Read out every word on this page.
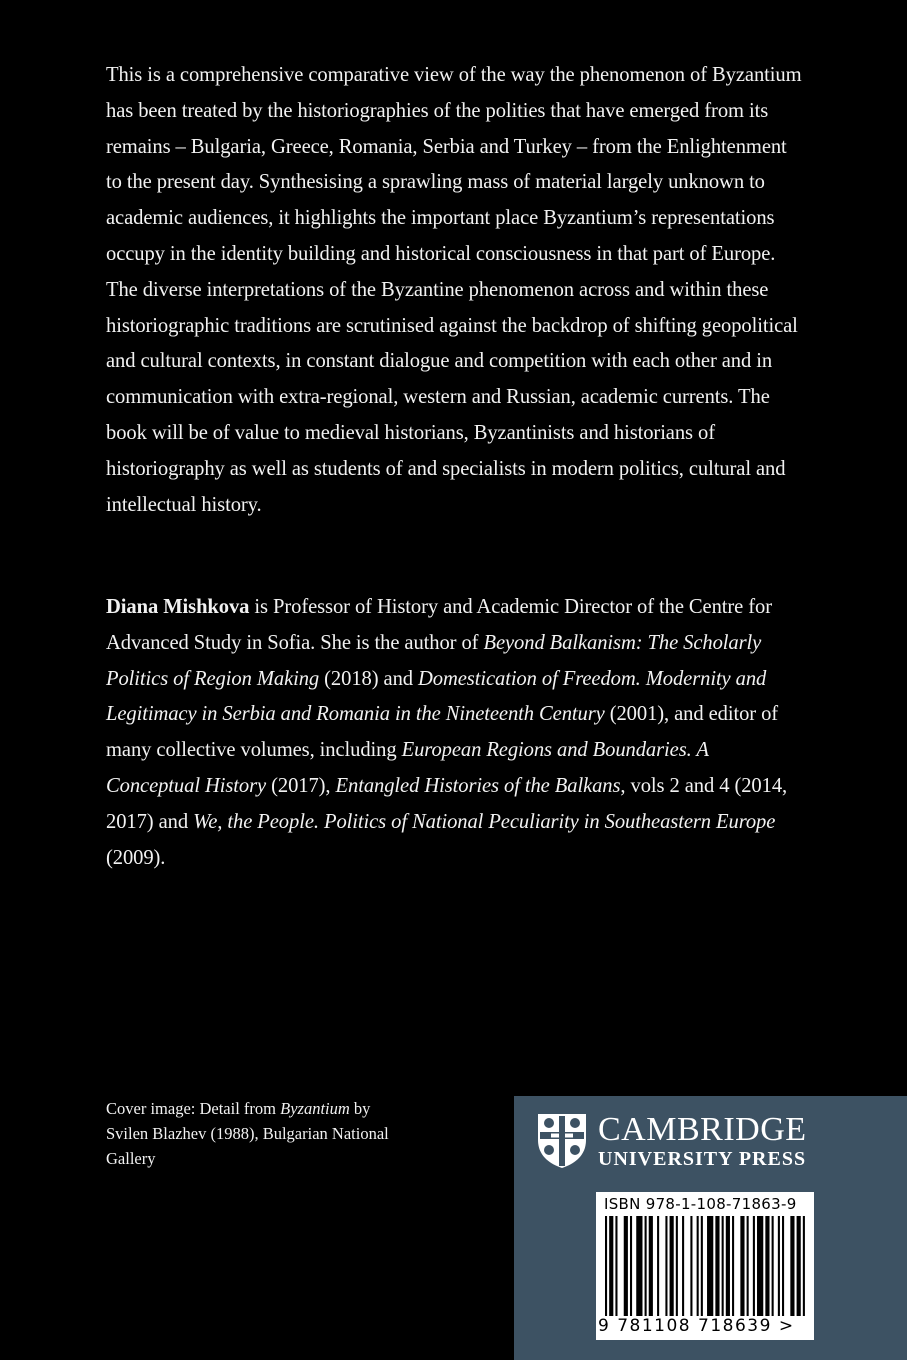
This is a comprehensive comparative view of the way the phenomenon of Byzantium has been treated by the historiographies of the polities that have emerged from its remains – Bulgaria, Greece, Romania, Serbia and Turkey – from the Enlightenment to the present day. Synthesising a sprawling mass of material largely unknown to academic audiences, it highlights the important place Byzantium’s representations occupy in the identity building and historical consciousness in that part of Europe. The diverse interpretations of the Byzantine phenomenon across and within these historiographic traditions are scrutinised against the backdrop of shifting geopolitical and cultural contexts, in constant dialogue and competition with each other and in communication with extra-regional, western and Russian, academic currents. The book will be of value to medieval historians, Byzantinists and historians of historiography as well as students of and specialists in modern politics, cultural and intellectual history.

Diana Mishkova is Professor of History and Academic Director of the Centre for Advanced Study in Sofia. She is the author of Beyond Balkanism: The Scholarly Politics of Region Making (2018) and Domestication of Freedom. Modernity and Legitimacy in Serbia and Romania in the Nineteenth Century (2001), and editor of many collective volumes, including European Regions and Boundaries. A Conceptual History (2017), Entangled Histories of the Balkans, vols 2 and 4 (2014, 2017) and We, the People. Politics of National Peculiarity in Southeastern Europe (2009).

Cover image: Detail from Byzantium by Svilen Blazhev (1988), Bulgarian National Gallery

CAMBRIDGE
UNIVERSITY PRESS
ISBN 978-1-108-71863-9
9 781108 718639 >
